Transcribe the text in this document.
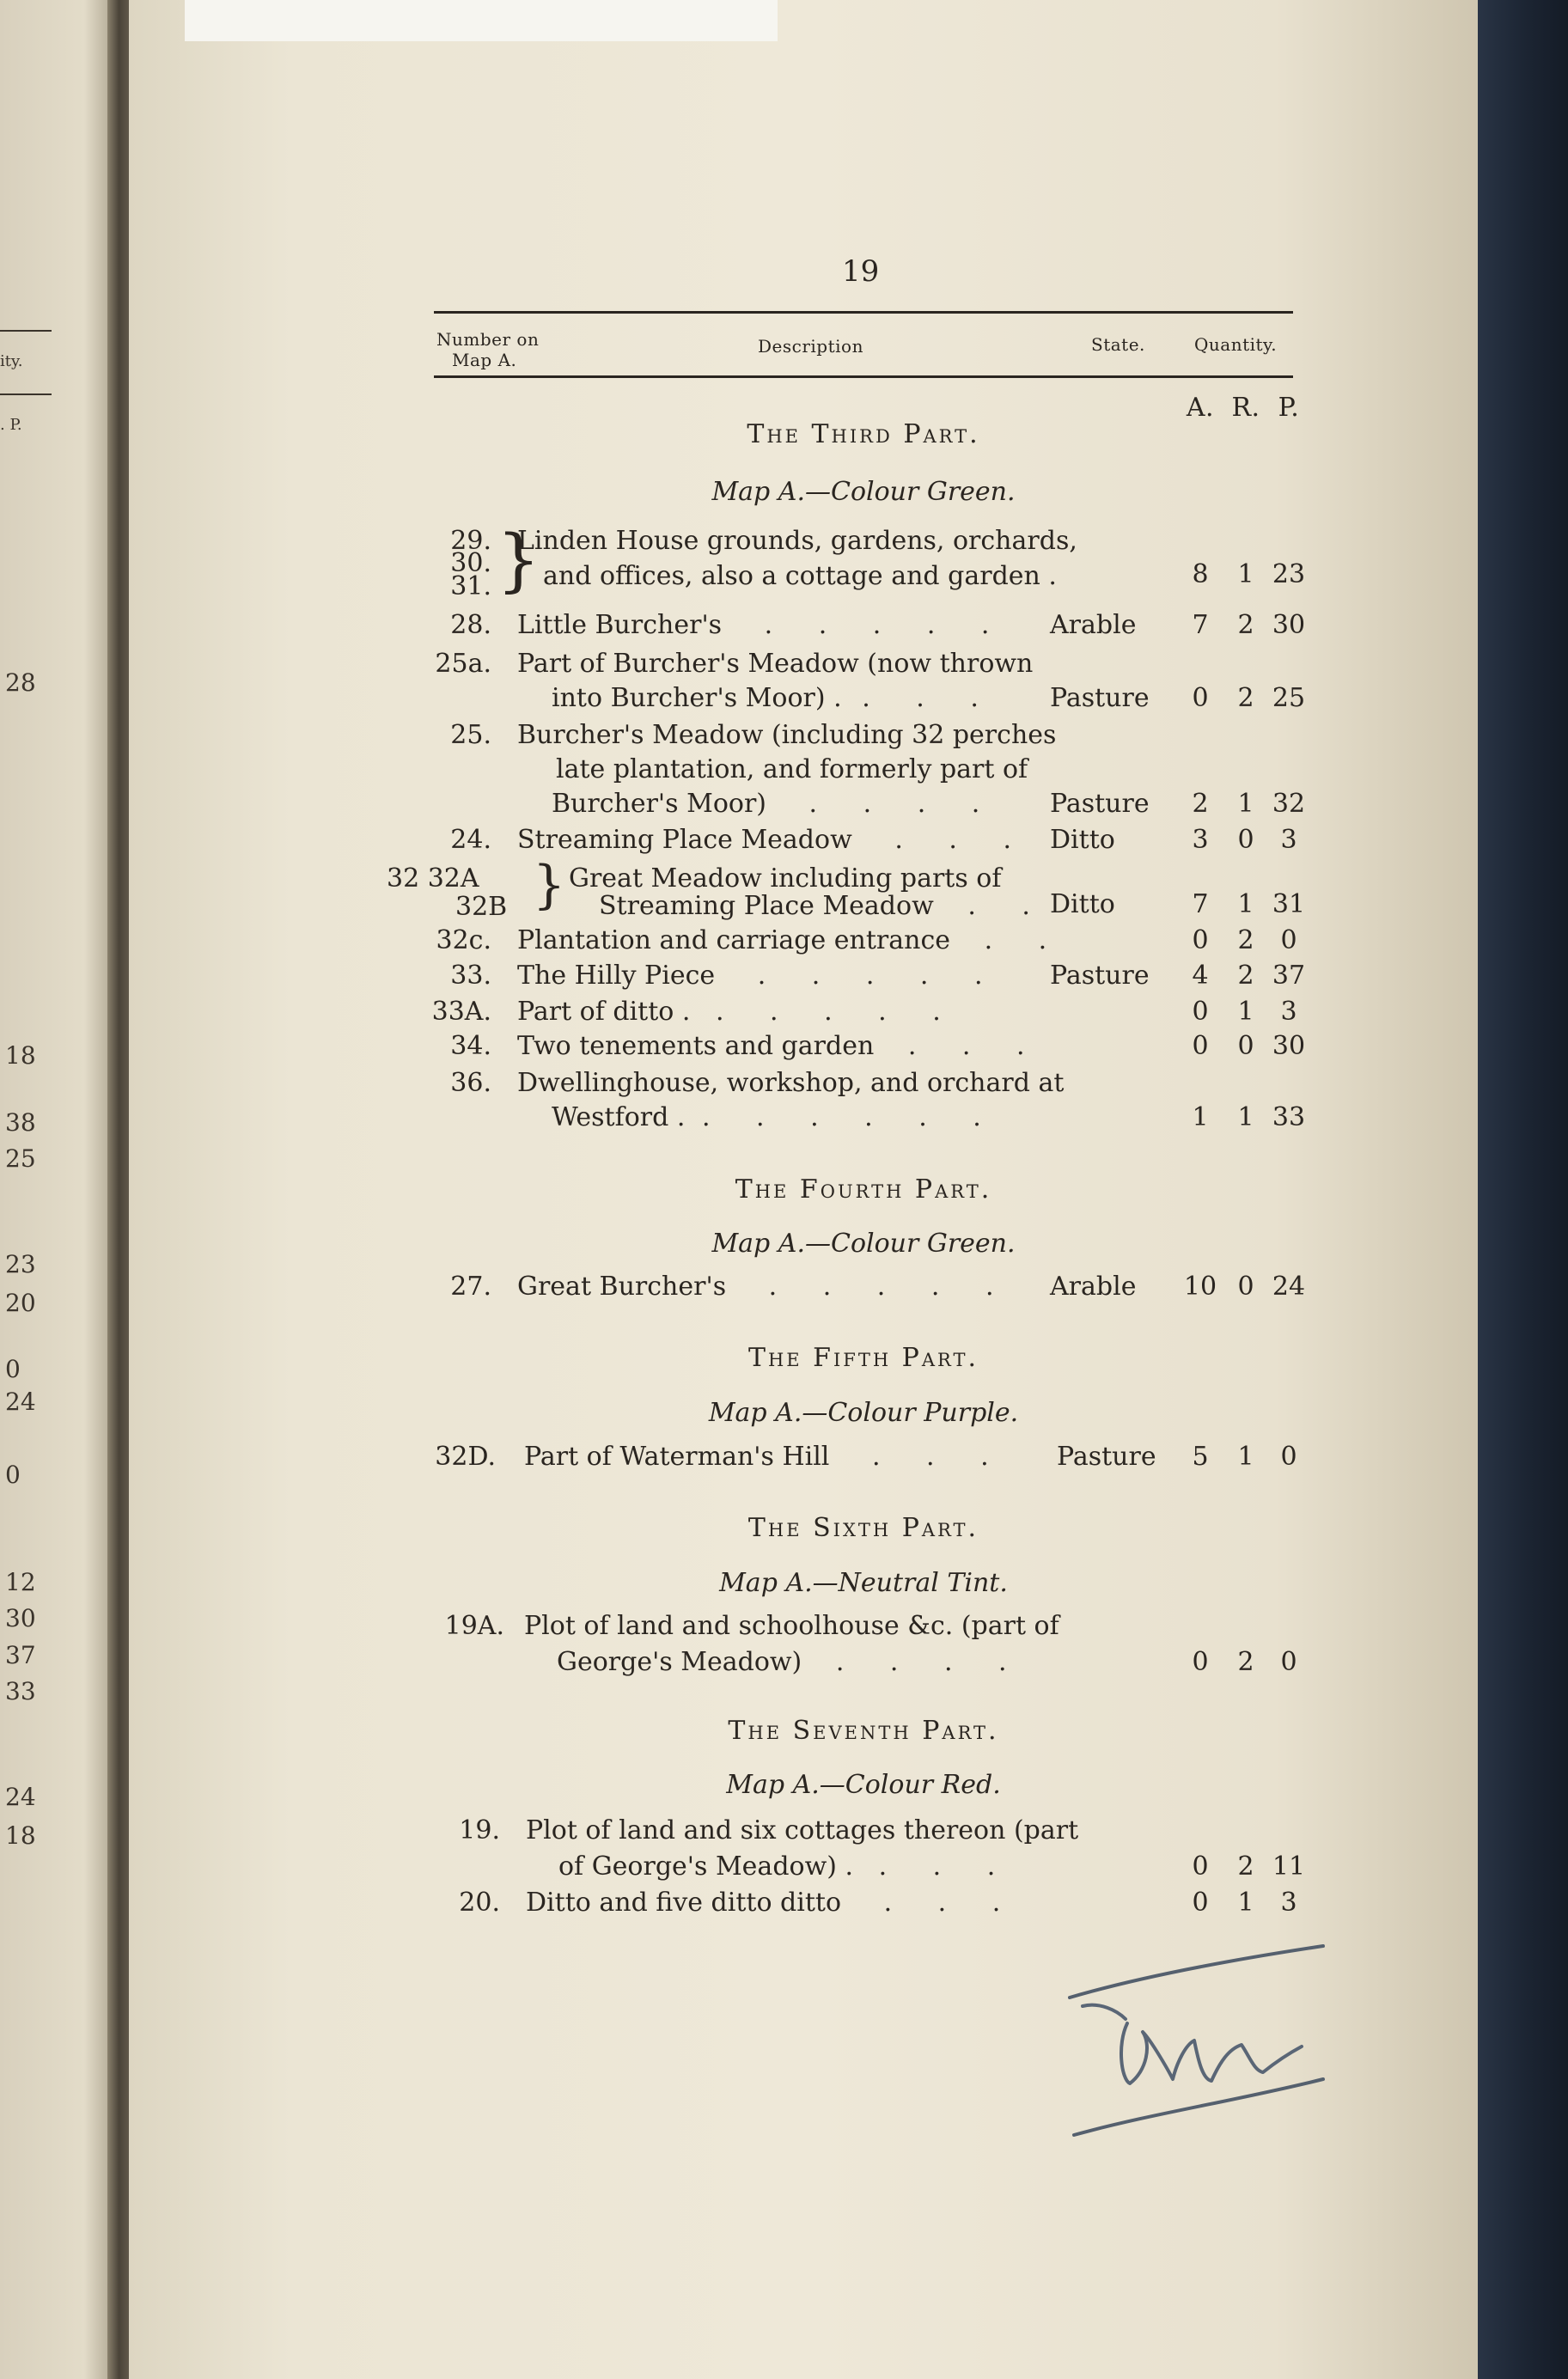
ity.
. P.
28
18
38
25
23
20
0
24
0
12
30
37
33
24
18
19
Number on
Map A.
Description	State.	Quantity.
A. R. P.
The Third Part.
Map A.—Colour Green.
29.
30.
31. }
Linden House grounds, gardens, orchards,
and offices, also a cottage and garden .	8	1 23
28. Little Burcher's . . . . . Arable	7	2 30
25a. Part of Burcher's Meadow (now thrown
into Burcher's Moor) . . . . Pasture	0	2 25
25. Burcher's Meadow (including 32 perches
late plantation, and formerly part of
Burcher's Moor) . . . . Pasture	2	1 32
24. Streaming Place Meadow . . . Ditto	3	0	3
32 32A
32B } Great Meadow including parts of
Streaming Place Meadow . . Ditto	7	1 31
32c. Plantation and carriage entrance . .	0	2	0
33. The Hilly Piece . . . . . Pasture	4	2 37
33A. Part of ditto . . . . . .	0	1	3
34. Two tenements and garden . . .	0	0 30
36. Dwellinghouse, workshop, and orchard at
Westford . . . . . . .	1	1 33
The Fourth Part.
Map A.—Colour Green.
27. Great Burcher's . . . . . Arable 10 0 24
The Fifth Part.
Map A.—Colour Purple.
32D. Part of Waterman's Hill . . . Pasture	5	1	0
The Sixth Part.
Map A.—Neutral Tint.
19A. Plot of land and schoolhouse &c. (part of
George's Meadow) . . . .	0	2	0
The Seventh Part.
Map A.—Colour Red.
19. Plot of land and six cottages thereon (part
of George's Meadow) . . . .	0	2 11
20. Ditto and five ditto ditto . . .	0	1	3
